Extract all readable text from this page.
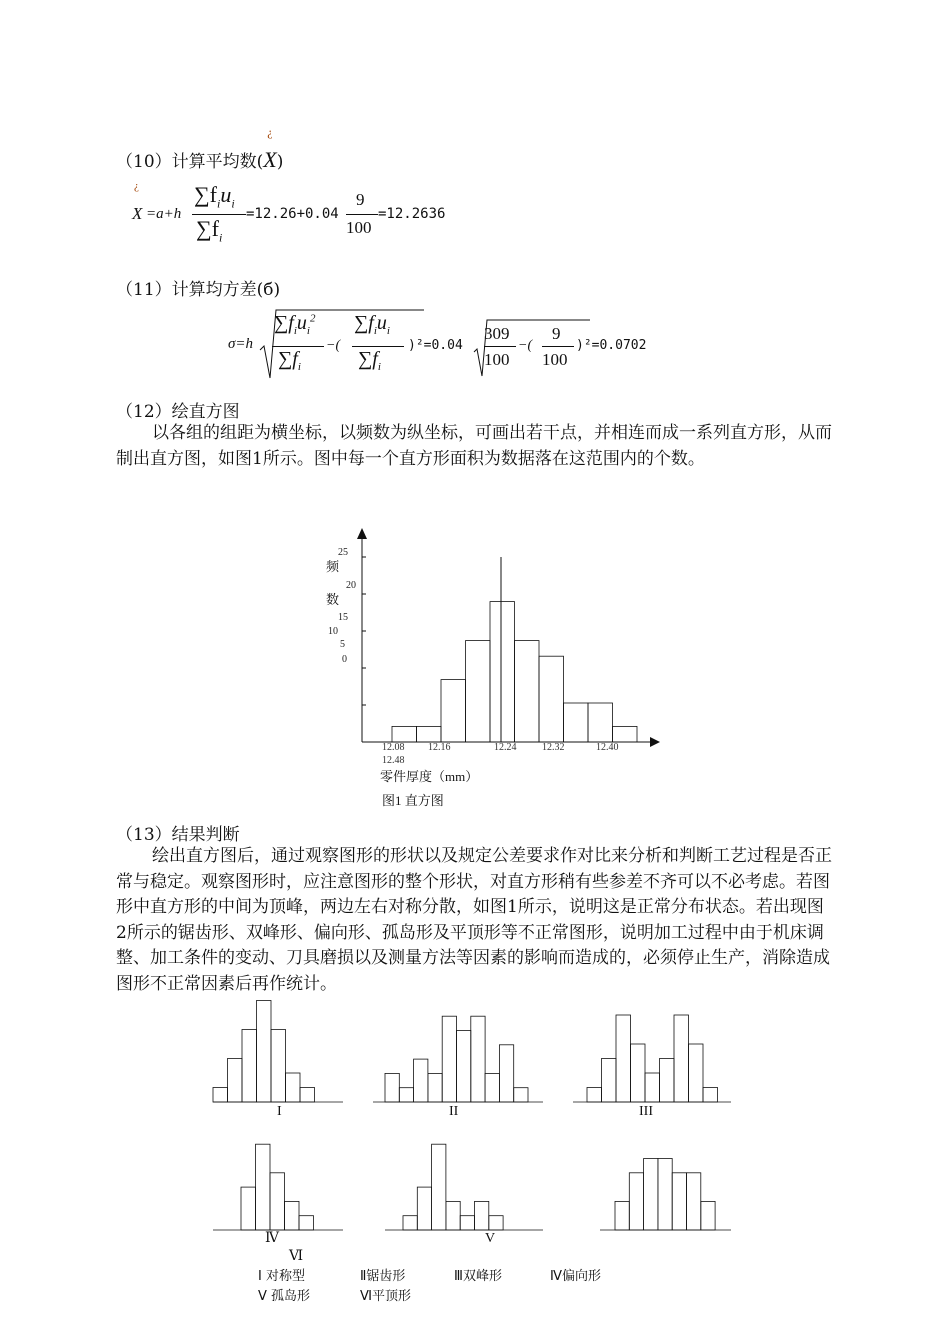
（10）计算平均数(
¿
X)
¿
X =a+h
$\sum f_iu_i$
$\sum f_i$
=12.26+0.04
9
100
=12.2636
（11）计算均方差(б)
σ=h
$\sum f_iu_i^2$
$\sum f_i$
−(
$\sum f_iu_i$
$\sum f_i$
)²=0.04
309
100
−(
9
100
)²=0.0702
（12）绘直方图
以各组的组距为横坐标，以频数为纵坐标，可画出若干点，并相连而成一系列直方形，从而制出直方图，如图1所示。图中每一个直方形面积为数据落在这范围内的个数。
25
20
15
10
5
0
频
数
12.08 12.16	12.24	12.32	12.40
12.48
零件厚度（mm）
图1 直方图
（13）结果判断
绘出直方图后，通过观察图形的形状以及规定公差要求作对比来分析和判断工艺过程是否正常与稳定。观察图形时，应注意图形的整个形状，对直方形稍有些参差不齐可以不必考虑。若图形中直方形的中间为顶峰，两边左右对称分散，如图1所示，说明这是正常分布状态。若出现图2所示的锯齿形、双峰形、偏向形、孤岛形及平顶形等不正常图形，说明加工过程中由于机床调整、加工条件的变动、刀具磨损以及测量方法等因素的影响而造成的，必须停止生产，消除造成图形不正常因素后再作统计。
I	II	III
Ⅳ	V
Ⅵ
Ⅰ 对称型	Ⅱ锯齿形	Ⅲ双峰形	Ⅳ偏向形
Ⅴ 孤岛形	Ⅵ平顶形
